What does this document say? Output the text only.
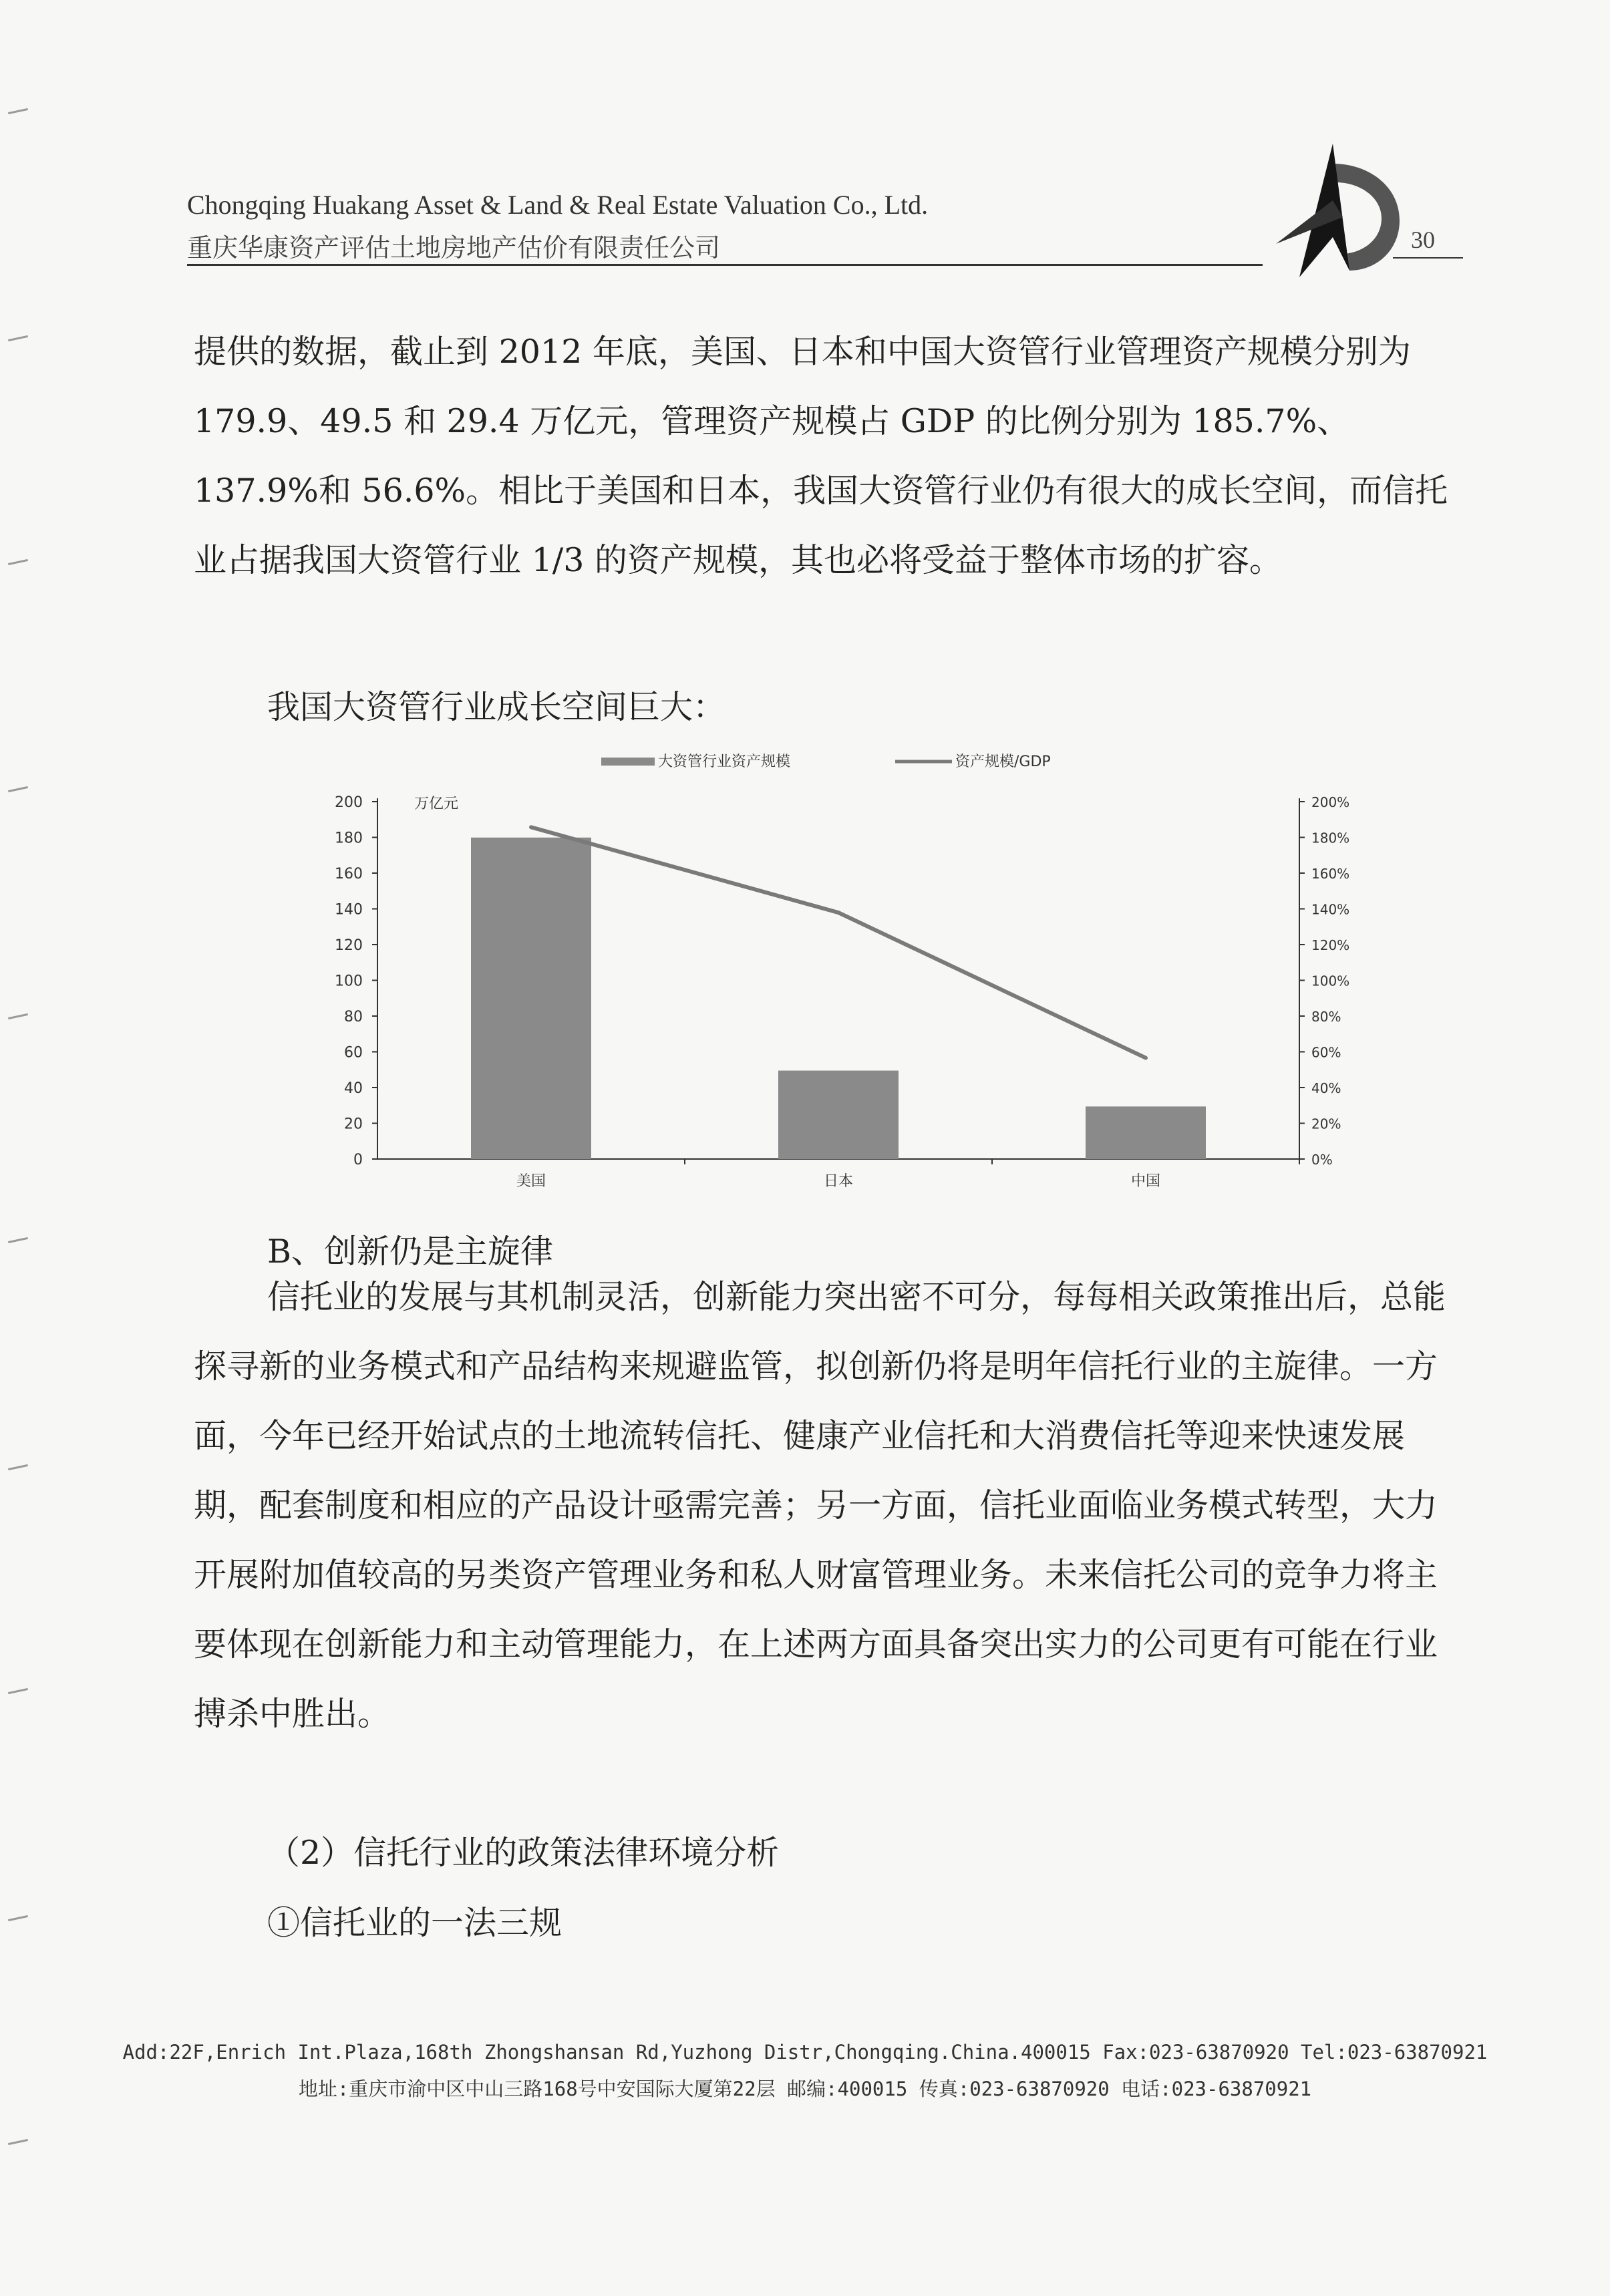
Chongqing Huakang Asset & Land & Real Estate Valuation Co., Ltd.
重庆华康资产评估土地房地产估价有限责任公司	30

提供的数据，截止到 2012 年底，美国、日本和中国大资管行业管理资产规模分别为 179.9、49.5 和 29.4 万亿元，管理资产规模占 GDP 的比例分别为 185.7%、137.9%和 56.6%。相比于美国和日本，我国大资管行业仍有很大的成长空间，而信托业占据我国大资管行业 1/3 的资产规模，其也必将受益于整体市场的扩容。

我国大资管行业成长空间巨大：
大资管行业资产规模	资产规模/GDP
万亿元
0
20
40
60
80
100
120
140
160
180
200
0%
20%
40%
60%
80%
100%
120%
140%
160%
180%
200%
美国	日本	中国
B、创新仍是主旋律

信托业的发展与其机制灵活，创新能力突出密不可分，每每相关政策推出后，总能探寻新的业务模式和产品结构来规避监管，拟创新仍将是明年信托行业的主旋律。一方面，今年已经开始试点的土地流转信托、健康产业信托和大消费信托等迎来快速发展期，配套制度和相应的产品设计亟需完善；另一方面，信托业面临业务模式转型，大力开展附加值较高的另类资产管理业务和私人财富管理业务。未来信托公司的竞争力将主要体现在创新能力和主动管理能力，在上述两方面具备突出实力的公司更有可能在行业搏杀中胜出。

（2）信托行业的政策法律环境分析
①信托业的一法三规
Add:22F,Enrich Int.Plaza,168th Zhongshansan Rd,Yuzhong Distr,Chongqing.China.400015 Fax:023-63870920 Tel:023-63870921
地址:重庆市渝中区中山三路168号中安国际大厦第22层 邮编:400015 传真:023-63870920 电话:023-63870921
